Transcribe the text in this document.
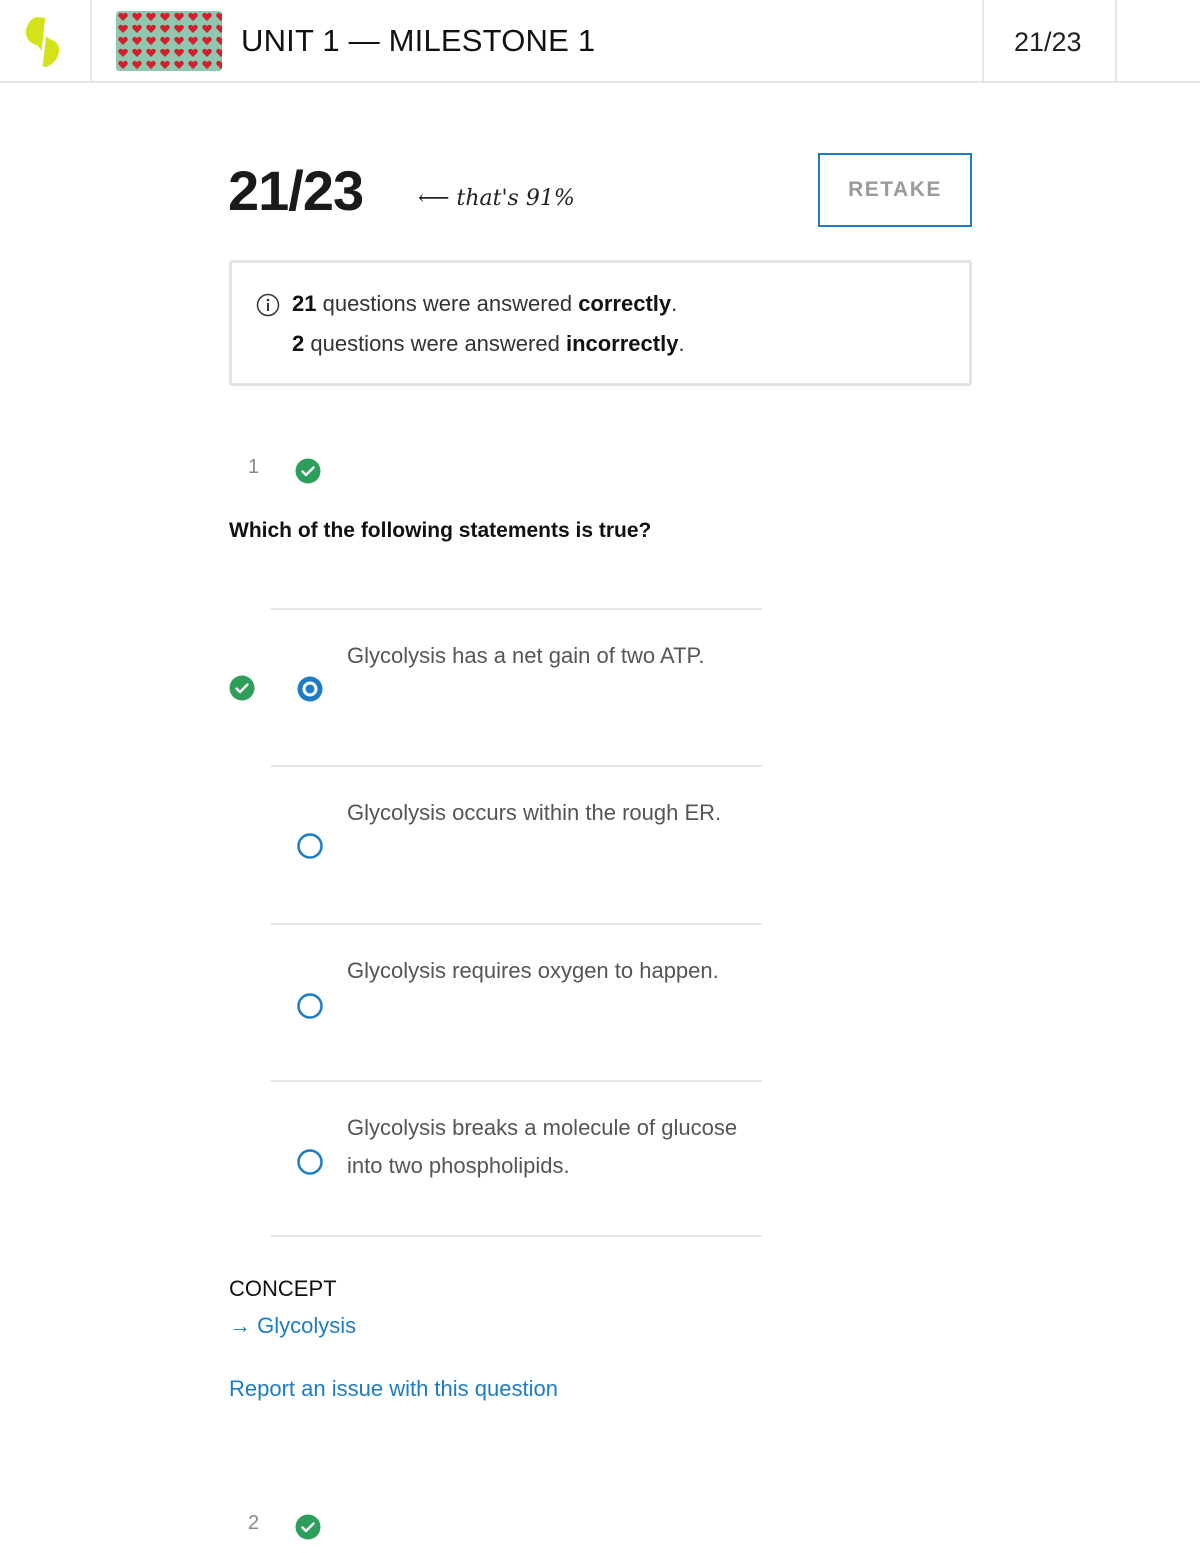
UNIT 1 — MILESTONE 1	21/23
21/23 ⟵ that's 91%	RETAKE
21 questions were answered correctly.
2 questions were answered incorrectly.
1
Which of the following statements is true?
Glycolysis has a net gain of two ATP.
Glycolysis occurs within the rough ER.
Glycolysis requires oxygen to happen.
Glycolysis breaks a molecule of glucose into two phospholipids.
CONCEPT
→ Glycolysis
Report an issue with this question
2
